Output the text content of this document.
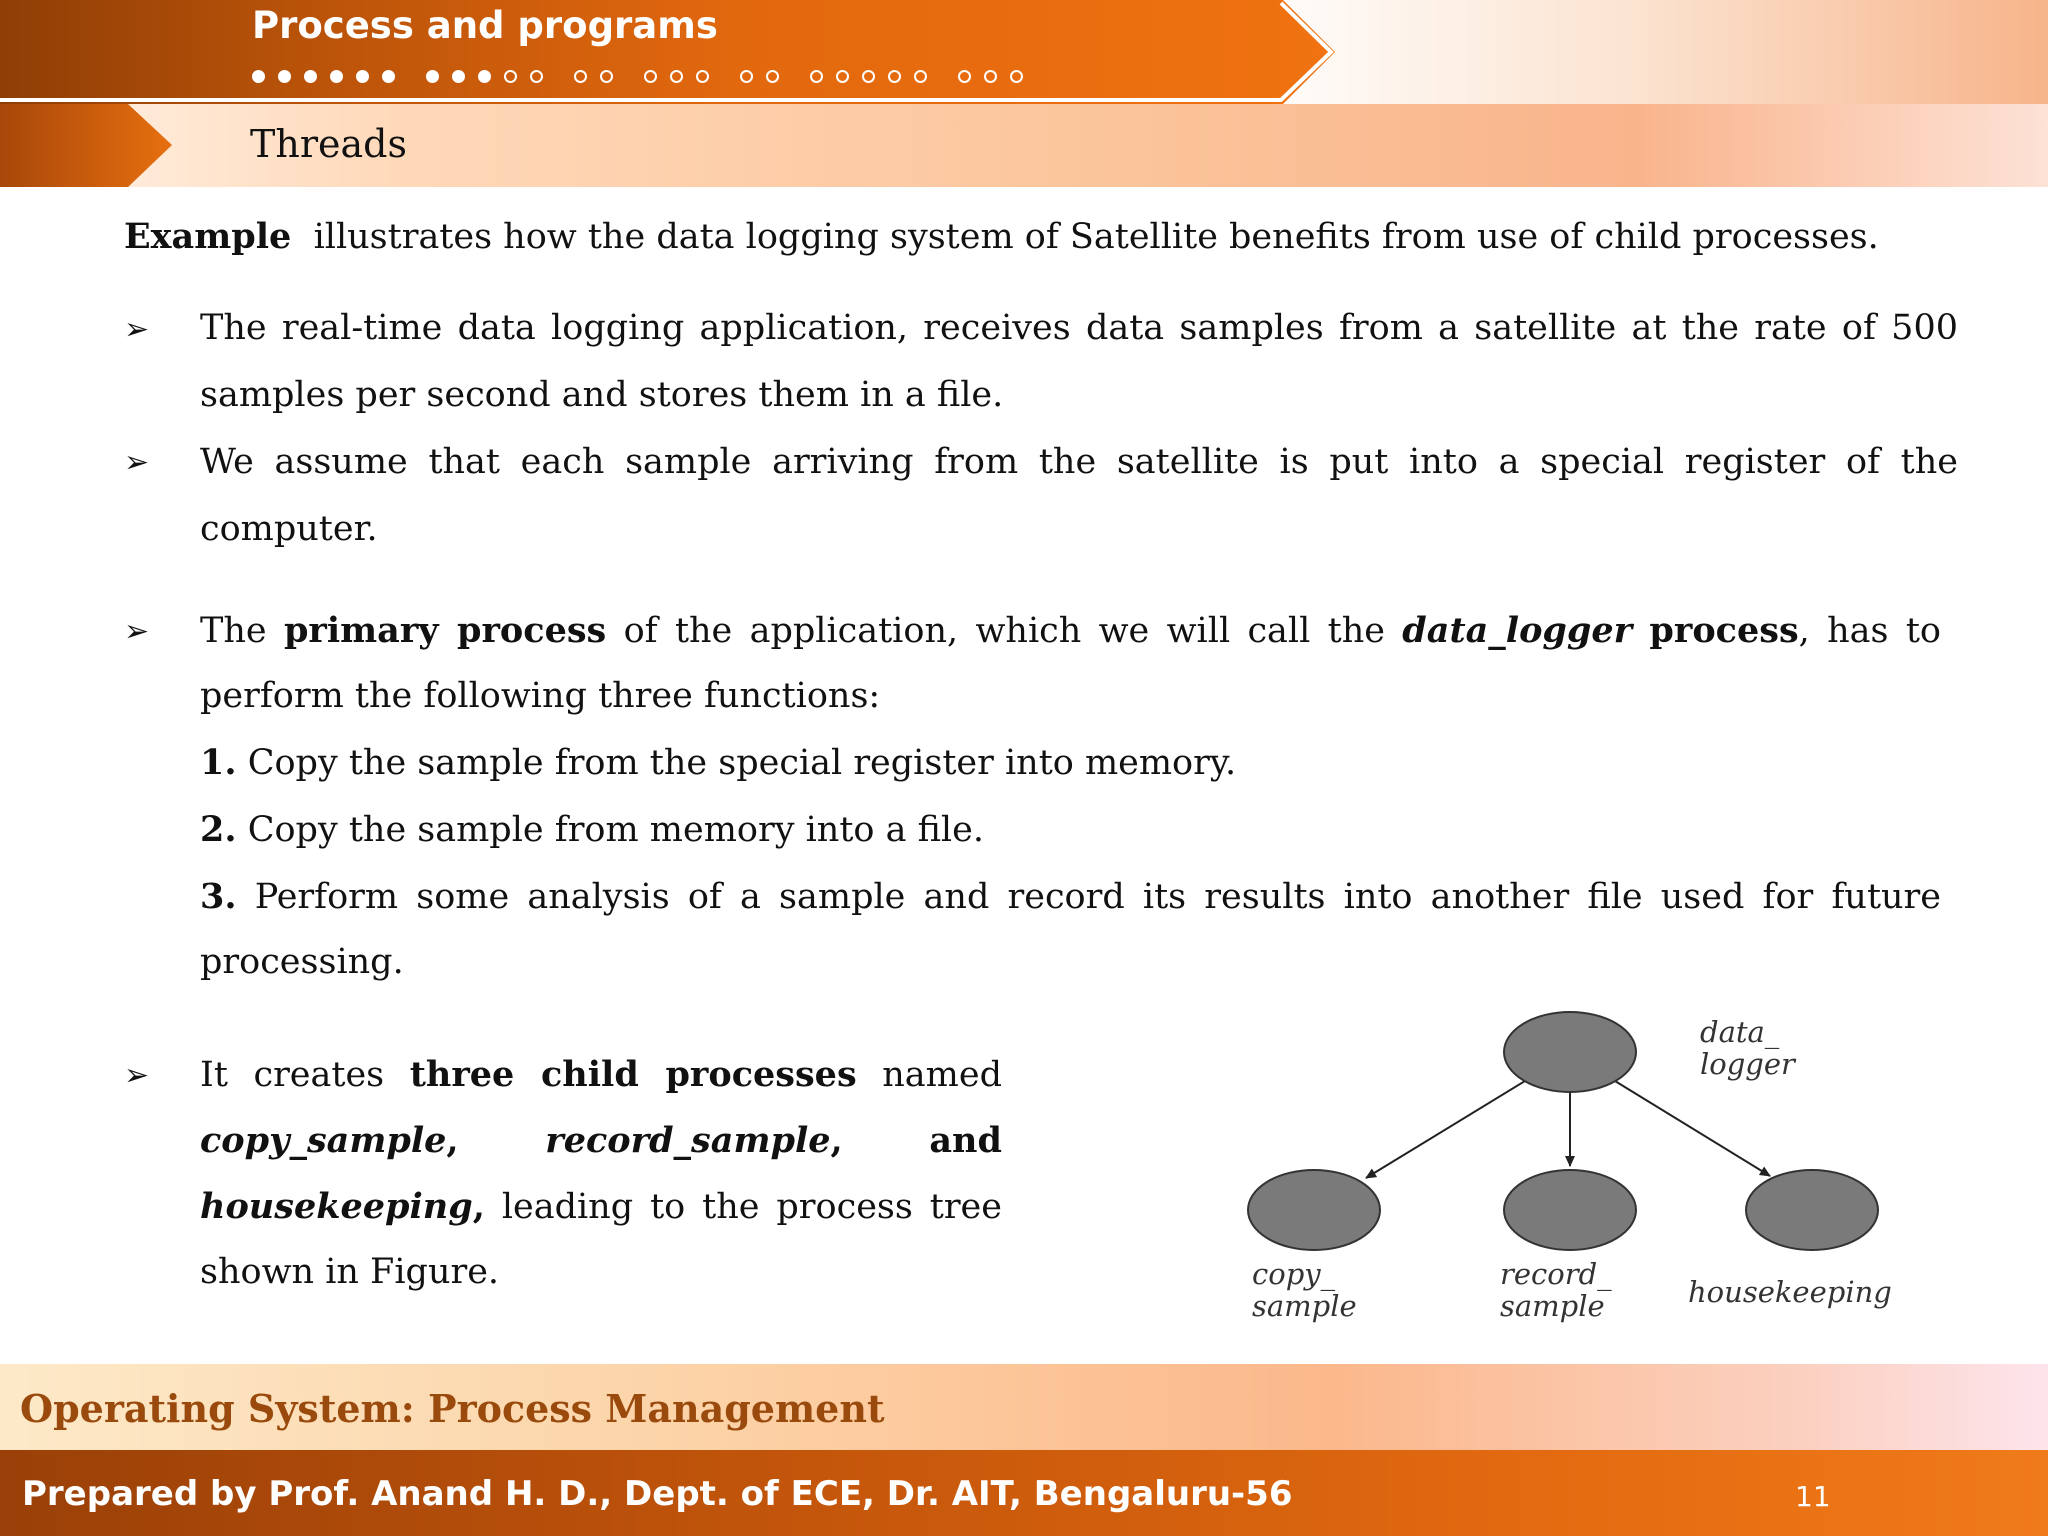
Process and programs
Threads
Example illustrates how the data logging system of Satellite benefits from use of child processes.
➢ The real-time data logging application, receives data samples from a satellite at the rate of 500
samples per second and stores them in a file.
➢ We assume that each sample arriving from the satellite is put into a special register of the
computer.
➢ The primary process of the application, which we will call the data_logger process, has to
perform the following three functions:
1. Copy the sample from the special register into memory.
2. Copy the sample from memory into a file.
3. Perform some analysis of a sample and record its results into another file used for future
processing.
➢ It creates three child processes named
copy_sample, record_sample, and
housekeeping, leading to the process tree
shown in Figure.
data_
logger
copy_
sample
record_
sample	housekeeping
Operating System: Process Management
Prepared by Prof. Anand H. D., Dept. of ECE, Dr. AIT, Bengaluru-56	11
